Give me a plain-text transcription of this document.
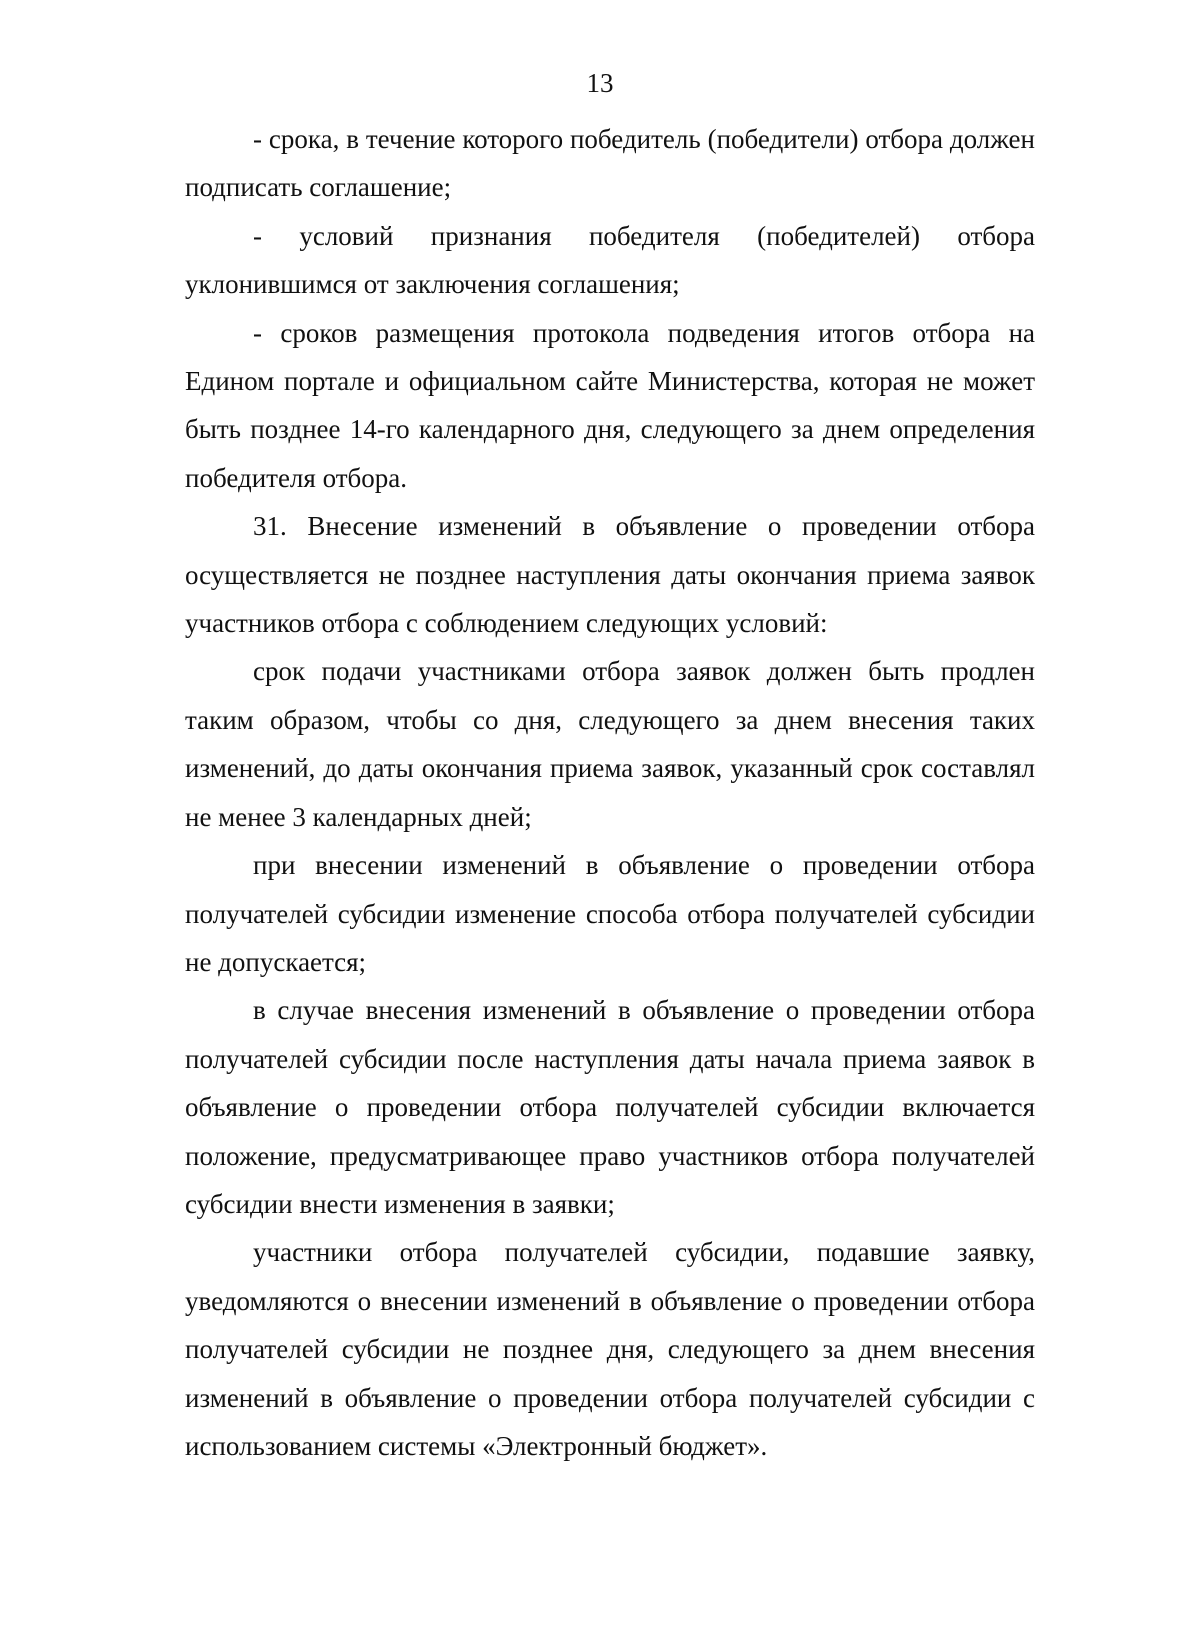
13

- срока, в течение которого победитель (победители) отбора должен подписать соглашение;

- условий признания победителя (победителей) отбора уклонившимся от заключения соглашения;

- сроков размещения протокола подведения итогов отбора на Едином портале и официальном сайте Министерства, которая не может быть позднее 14-го календарного дня, следующего за днем определения победителя отбора.

31. Внесение изменений в объявление о проведении отбора осуществляется не позднее наступления даты окончания приема заявок участников отбора с соблюдением следующих условий:

срок подачи участниками отбора заявок должен быть продлен таким образом, чтобы со дня, следующего за днем внесения таких изменений, до даты окончания приема заявок, указанный срок составлял не менее 3 календарных дней;

при внесении изменений в объявление о проведении отбора получателей субсидии изменение способа отбора получателей субсидии не допускается;

в случае внесения изменений в объявление о проведении отбора получателей субсидии после наступления даты начала приема заявок в объявление о проведении отбора получателей субсидии включается положение, предусматривающее право участников отбора получателей субсидии внести изменения в заявки;

участники отбора получателей субсидии, подавшие заявку, уведомляются о внесении изменений в объявление о проведении отбора получателей субсидии не позднее дня, следующего за днем внесения изменений в объявление о проведении отбора получателей субсидии с использованием системы «Электронный бюджет».
